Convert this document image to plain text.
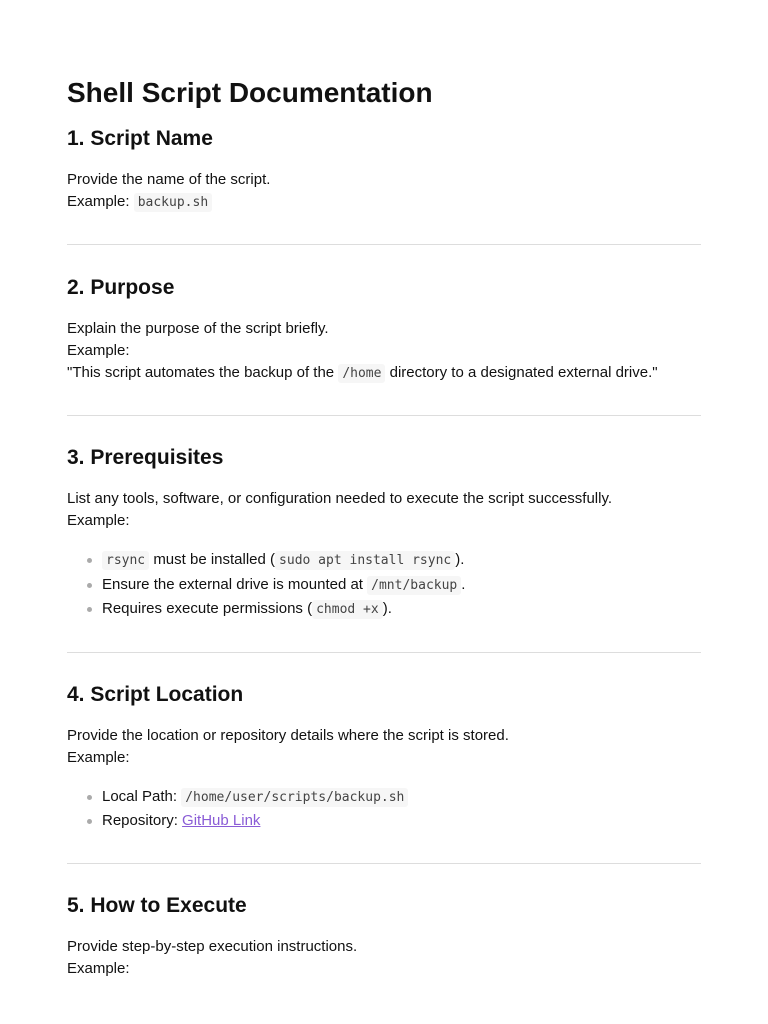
Shell Script Documentation
1. Script Name

Provide the name of the script.

Example: backup.sh

2. Purpose

Explain the purpose of the script briefly.

Example:

"This script automates the backup of the /home directory to a designated external drive."

3. Prerequisites

List any tools, software, or configuration needed to execute the script successfully.

Example:

rsync must be installed ( sudo apt install rsync ).
Ensure the external drive is mounted at /mnt/backup .
Requires execute permissions ( chmod +x ).
4. Script Location

Provide the location or repository details where the script is stored.

Example:

Local Path: /home/user/scripts/backup.sh
Repository: GitHub Link
5. How to Execute

Provide step-by-step execution instructions.

Example:
